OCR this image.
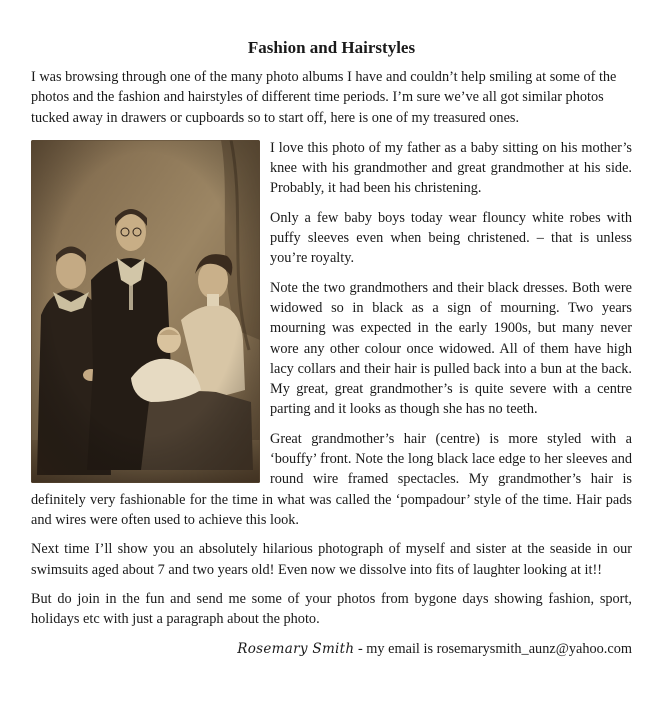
Fashion and Hairstyles

I was browsing through one of the many photo albums I have and couldn’t help smiling at some of the photos and the fashion and hairstyles of different time periods. I’m sure we’ve all got similar photos tucked away in drawers or cupboards so to start off, here is one of my treasured ones.

I love this photo of my father as a baby sitting on his mother’s knee with his grandmother and great grandmother at his side. Probably, it had been his christening.

Only a few baby boys today wear flouncy white robes with puffy sleeves even when being christened. – that is unless you’re royalty.

Note the two grandmothers and their black dresses. Both were widowed so in black as a sign of mourning. Two years mourning was expected in the early 1900s, but many never wore any other colour once widowed. All of them have high lacy collars and their hair is pulled back into a bun at the back. My great, great grandmother’s is quite severe with a centre parting and it looks as though she has no teeth.

Great grandmother’s hair (centre) is more styled with a ‘bouffy’ front. Note the long black lace edge to her sleeves and round wire framed spectacles. My grandmother’s hair is definitely very fashionable for the time in what was called the ‘pompadour’ style of the time. Hair pads and wires were often used to achieve this look.

Next time I’ll show you an absolutely hilarious photograph of myself and sister at the seaside in our swimsuits aged about 7 and two years old! Even now we dissolve into fits of laughter looking at it!!

But do join in the fun and send me some of your photos from bygone days showing fashion, sport, holidays etc with just a paragraph about the photo.

Rosemary Smith - my email is rosemarysmith_aunz@yahoo.com
